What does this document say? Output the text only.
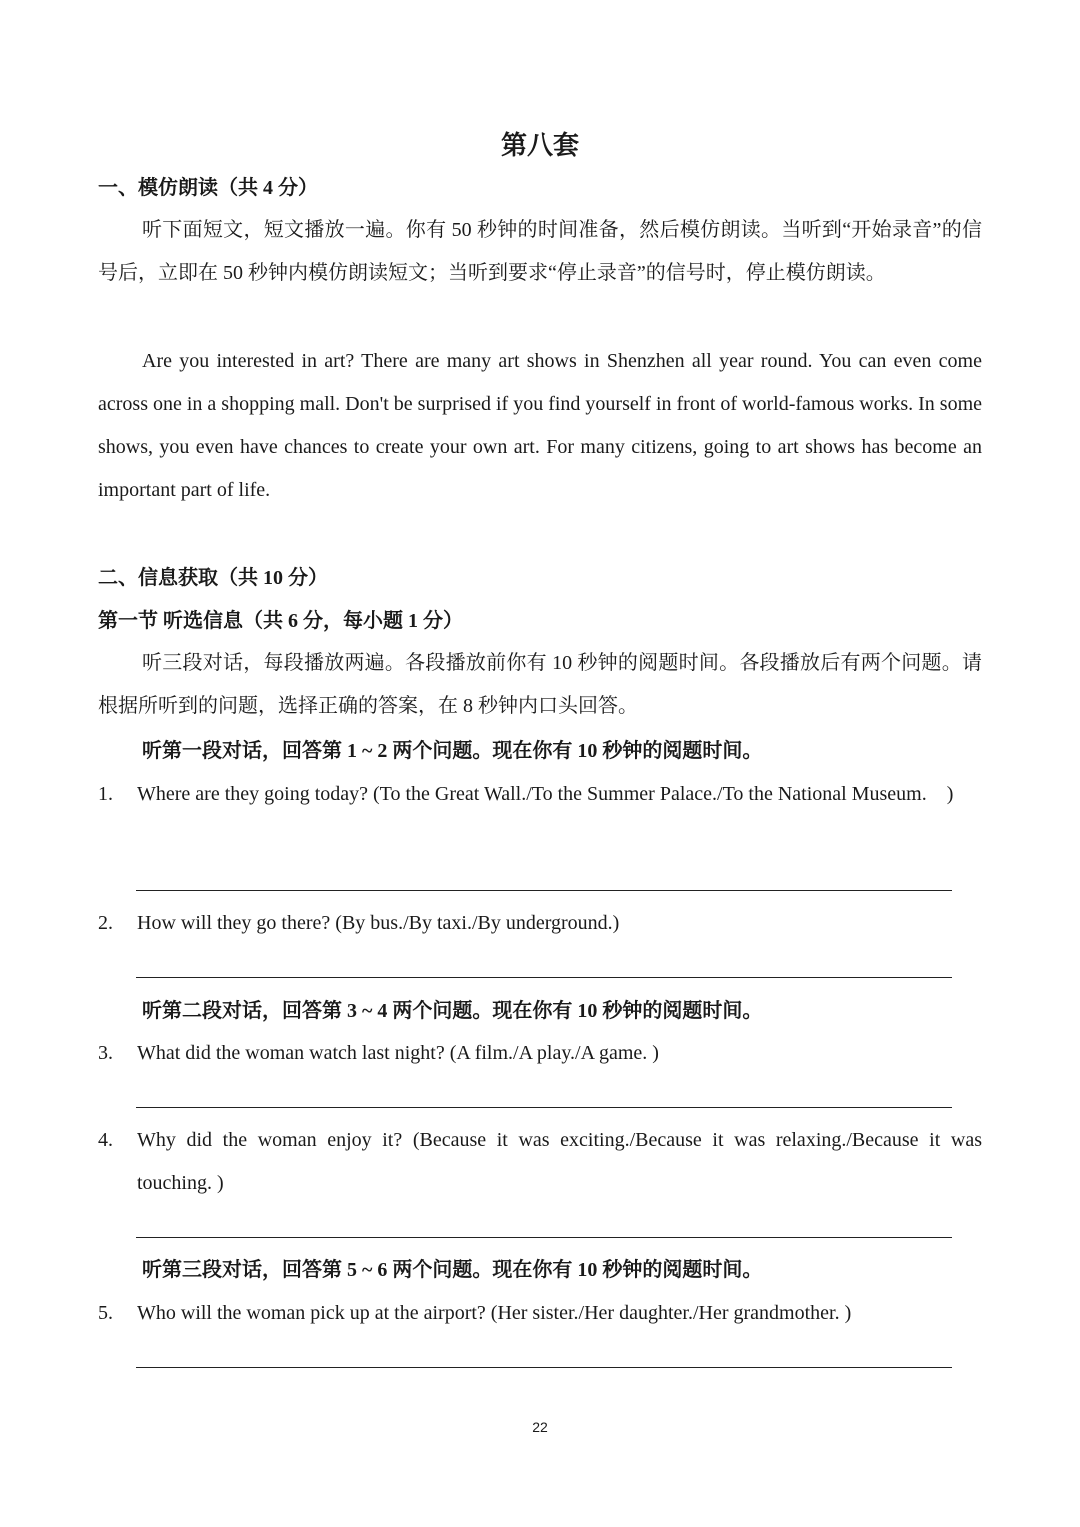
第八套
一、模仿朗读（共 4 分）
听下面短文，短文播放一遍。你有 50 秒钟的时间准备，然后模仿朗读。当听到“开始录音”的信号后，立即在 50 秒钟内模仿朗读短文；当听到要求“停止录音”的信号时，停止模仿朗读。
Are you interested in art? There are many art shows in Shenzhen all year round. You can even come across one in a shopping mall. Don't be surprised if you find yourself in front of world-famous works. In some shows, you even have chances to create your own art. For many citizens, going to art shows has become an important part of life.
二、信息获取（共 10 分）
第一节 听选信息（共 6 分，每小题 1 分）
听三段对话，每段播放两遍。各段播放前你有 10 秒钟的阅题时间。各段播放后有两个问题。请根据所听到的问题，选择正确的答案，在 8 秒钟内口头回答。
听第一段对话，回答第 1 ~ 2 两个问题。现在你有 10 秒钟的阅题时间。
1. Where are they going today? (To the Great Wall./To the Summer Palace./To the National Museum.　)
2. How will they go there? (By bus./By taxi./By underground.)
听第二段对话，回答第 3 ~ 4 两个问题。现在你有 10 秒钟的阅题时间。
3. What did the woman watch last night? (A film./A play./A game. )
4. Why did the woman enjoy it? (Because it was exciting./Because it was relaxing./Because it was touching. )
听第三段对话，回答第 5 ~ 6 两个问题。现在你有 10 秒钟的阅题时间。
5. Who will the woman pick up at the airport? (Her sister./Her daughter./Her grandmother. )
22
